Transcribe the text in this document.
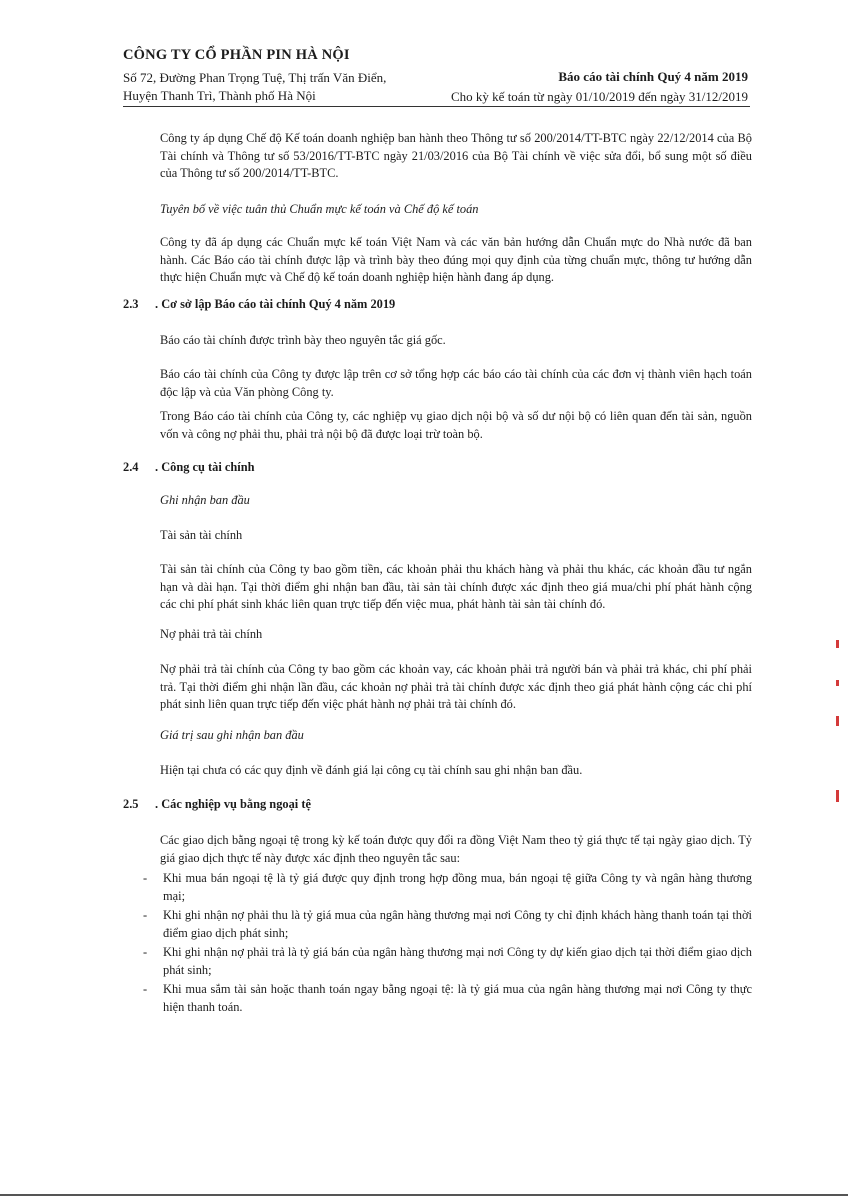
CÔNG TY CỔ PHẦN PIN HÀ NỘI
Số 72, Đường Phan Trọng Tuệ, Thị trấn Văn Điển,
Huyện Thanh Trì, Thành phố Hà Nội
Báo cáo tài chính Quý 4 năm 2019
Cho kỳ kế toán từ ngày 01/10/2019 đến ngày 31/12/2019
Công ty áp dụng Chế độ Kế toán doanh nghiệp ban hành theo Thông tư số 200/2014/TT-BTC ngày 22/12/2014 của Bộ Tài chính và Thông tư số 53/2016/TT-BTC ngày 21/03/2016 của Bộ Tài chính về việc sửa đổi, bổ sung một số điều của Thông tư số 200/2014/TT-BTC.
Tuyên bố về việc tuân thủ Chuẩn mực kế toán và Chế độ kế toán
Công ty đã áp dụng các Chuẩn mực kế toán Việt Nam và các văn bản hướng dẫn Chuẩn mực do Nhà nước đã ban hành. Các Báo cáo tài chính được lập và trình bày theo đúng mọi quy định của từng chuẩn mực, thông tư hướng dẫn thực hiện Chuẩn mực và Chế độ kế toán doanh nghiệp hiện hành đang áp dụng.
2.3 . Cơ sở lập Báo cáo tài chính Quý 4 năm 2019
Báo cáo tài chính được trình bày theo nguyên tắc giá gốc.
Báo cáo tài chính của Công ty được lập trên cơ sở tổng hợp các báo cáo tài chính của các đơn vị thành viên hạch toán độc lập và của Văn phòng Công ty.
Trong Báo cáo tài chính của Công ty, các nghiệp vụ giao dịch nội bộ và số dư nội bộ có liên quan đến tài sản, nguồn vốn và công nợ phải thu, phải trả nội bộ đã được loại trừ toàn bộ.
2.4 . Công cụ tài chính
Ghi nhận ban đầu
Tài sản tài chính
Tài sản tài chính của Công ty bao gồm tiền, các khoản phải thu khách hàng và phải thu khác, các khoản đầu tư ngắn hạn và dài hạn. Tại thời điểm ghi nhận ban đầu, tài sản tài chính được xác định theo giá mua/chi phí phát hành cộng các chi phí phát sinh khác liên quan trực tiếp đến việc mua, phát hành tài sản tài chính đó.
Nợ phải trả tài chính
Nợ phải trả tài chính của Công ty bao gồm các khoản vay, các khoản phải trả người bán và phải trả khác, chi phí phải trả. Tại thời điểm ghi nhận lần đầu, các khoản nợ phải trả tài chính được xác định theo giá phát hành cộng các chi phí phát sinh liên quan trực tiếp đến việc phát hành nợ phải trả tài chính đó.
Giá trị sau ghi nhận ban đầu
Hiện tại chưa có các quy định về đánh giá lại công cụ tài chính sau ghi nhận ban đầu.
2.5 . Các nghiệp vụ bằng ngoại tệ
Các giao dịch bằng ngoại tệ trong kỳ kế toán được quy đổi ra đồng Việt Nam theo tỷ giá thực tế tại ngày giao dịch. Tỷ giá giao dịch thực tế này được xác định theo nguyên tắc sau:
- Khi mua bán ngoại tệ là tỷ giá được quy định trong hợp đồng mua, bán ngoại tệ giữa Công ty và ngân hàng thương mại;
- Khi ghi nhận nợ phải thu là tỷ giá mua của ngân hàng thương mại nơi Công ty chỉ định khách hàng thanh toán tại thời điểm giao dịch phát sinh;
- Khi ghi nhận nợ phải trả là tỷ giá bán của ngân hàng thương mại nơi Công ty dự kiến giao dịch tại thời điểm giao dịch phát sinh;
- Khi mua sắm tài sản hoặc thanh toán ngay bằng ngoại tệ: là tỷ giá mua của ngân hàng thương mại nơi Công ty thực hiện thanh toán.
